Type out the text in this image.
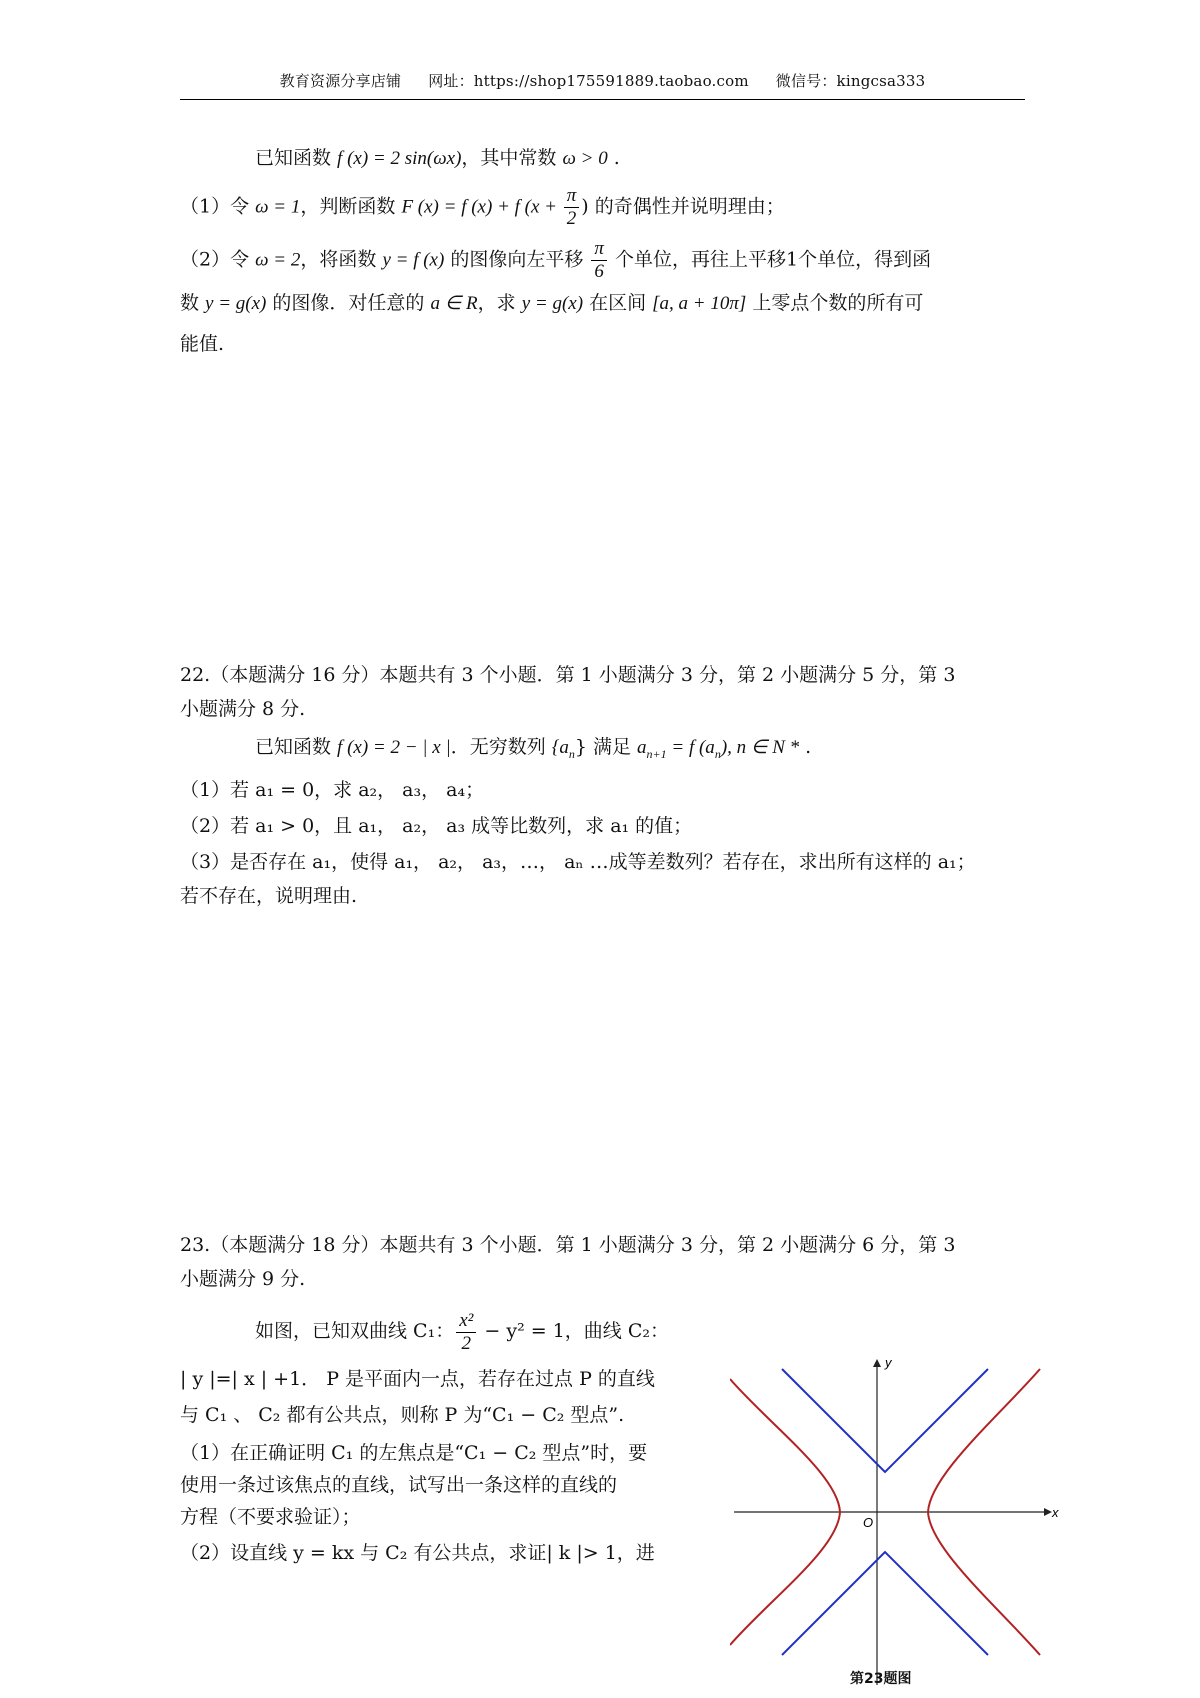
教育资源分享店铺 网址：https://shop175591889.taobao.com 微信号：kingcsa333
已知函数 f (x) = 2 sin(ωx)，其中常数 ω > 0 .
（1）令 ω = 1，判断函数 F (x) = f (x) + f ($x + \frac{\pi}{2}$ ) 的奇偶性并说明理由；
（2）令 ω = 2，将函数 y = f (x) 的图像向左平移 $\frac{\pi}{6}$ 个单位，再往上平移1个单位，得到函
数 y = g(x) 的图像．对任意的 a ∈ R，求 y = g(x) 在区间 [a, a + 10π] 上零点个数的所有可
能值.
22.（本题满分 16 分）本题共有 3 个小题．第 1 小题满分 3 分，第 2 小题满分 5 分，第 3
小题满分 8 分.
已知函数 f (x) = 2 − | x |．无穷数列 $\{a_n\}$ 满足 $a_{n+1} = f$ $(a_n)$, n ∈ N * .
（1）若 a₁ = 0，求 a₂， a₃， a₄；
（2）若 a₁ > 0，且 a₁， a₂， a₃ 成等比数列，求 a₁ 的值；
（3）是否存在 a₁，使得 a₁， a₂， a₃，…， aₙ …成等差数列？若存在，求出所有这样的 a₁；
若不存在，说明理由.
23.（本题满分 18 分）本题共有 3 个小题．第 1 小题满分 3 分，第 2 小题满分 6 分，第 3
小题满分 9 分.
如图，已知双曲线 C₁： $\frac{\text{x²}}{2} - y^2 = 1$，曲线 C₂：
| y |=| x | +1． P 是平面内一点，若存在过点 P 的直线
与 C₁ 、 C₂ 都有公共点，则称 P 为“C₁ − C₂ 型点”.
（1）在正确证明 C₁ 的左焦点是“C₁ − C₂ 型点”时，要
使用一条过该焦点的直线，试写出一条这样的直线的
方程（不要求验证）；
（2）设直线 y = kx 与 C₂ 有公共点，求证| k |> 1，进
x
y
O
第23题图
